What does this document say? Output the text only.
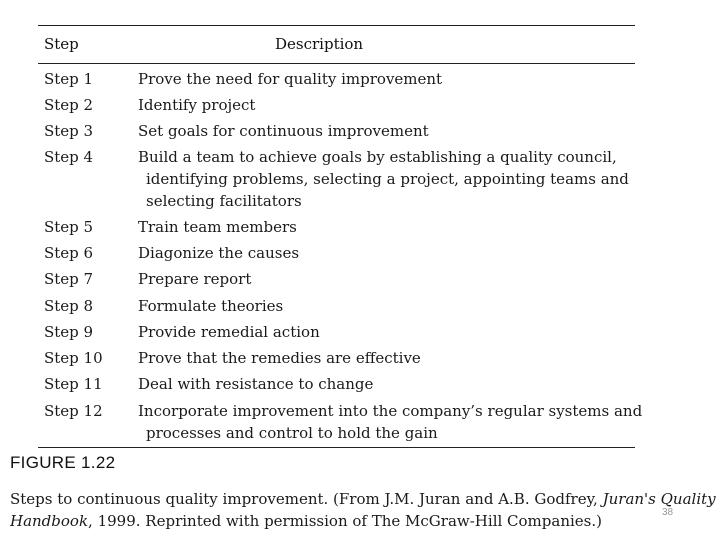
Step	Description
Step 1	Prove the need for quality improvement
Step 2	Identify project
Step 3	Set goals for continuous improvement
Step 4	Build a team to achieve goals by establishing a quality council,
identifying problems, selecting a project, appointing teams and
selecting facilitators
Step 5	Train team members
Step 6	Diagonize the causes
Step 7	Prepare report
Step 8	Formulate theories
Step 9	Provide remedial action
Step 10 Prove that the remedies are effective
Step 11 Deal with resistance to change
Step 12 Incorporate improvement into the company’s regular systems and
processes and control to hold the gain
FIGURE 1.22
Steps to continuous quality improvement. (From J.M. Juran and A.B. Godfrey, Juran's Quality
Handbook, 1999. Reprinted with permission of The McGraw-Hill Companies.)	38
